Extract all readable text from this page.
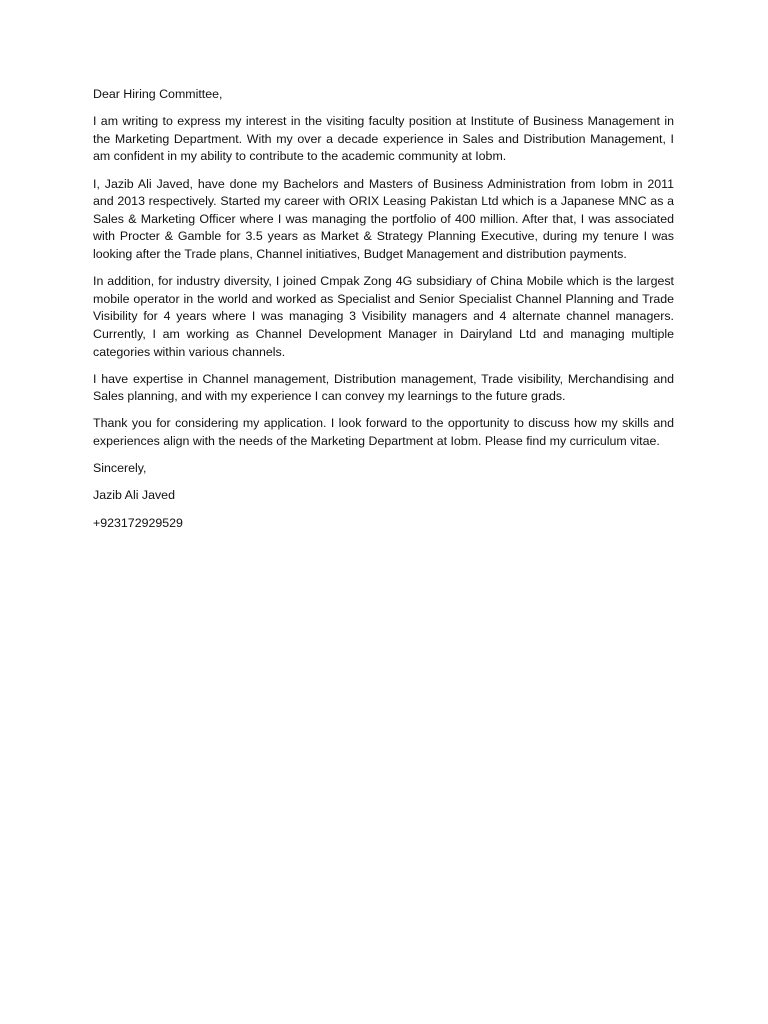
Dear Hiring Committee,

I am writing to express my interest in the visiting faculty position at Institute of Business Management in the Marketing Department. With my over a decade experience in Sales and Distribution Management, I am confident in my ability to contribute to the academic community at Iobm.

I, Jazib Ali Javed, have done my Bachelors and Masters of Business Administration from Iobm in 2011 and 2013 respectively. Started my career with ORIX Leasing Pakistan Ltd which is a Japanese MNC as a Sales & Marketing Officer where I was managing the portfolio of 400 million. After that, I was associated with Procter & Gamble for 3.5 years as Market & Strategy Planning Executive, during my tenure I was looking after the Trade plans, Channel initiatives, Budget Management and distribution payments.

In addition, for industry diversity, I joined Cmpak Zong 4G subsidiary of China Mobile which is the largest mobile operator in the world and worked as Specialist and Senior Specialist Channel Planning and Trade Visibility for 4 years where I was managing 3 Visibility managers and 4 alternate channel managers. Currently, I am working as Channel Development Manager in Dairyland Ltd and managing multiple categories within various channels.

I have expertise in Channel management, Distribution management, Trade visibility, Merchandising and Sales planning, and with my experience I can convey my learnings to the future grads.

Thank you for considering my application. I look forward to the opportunity to discuss how my skills and experiences align with the needs of the Marketing Department at Iobm. Please find my curriculum vitae.

Sincerely,

Jazib Ali Javed

+923172929529
